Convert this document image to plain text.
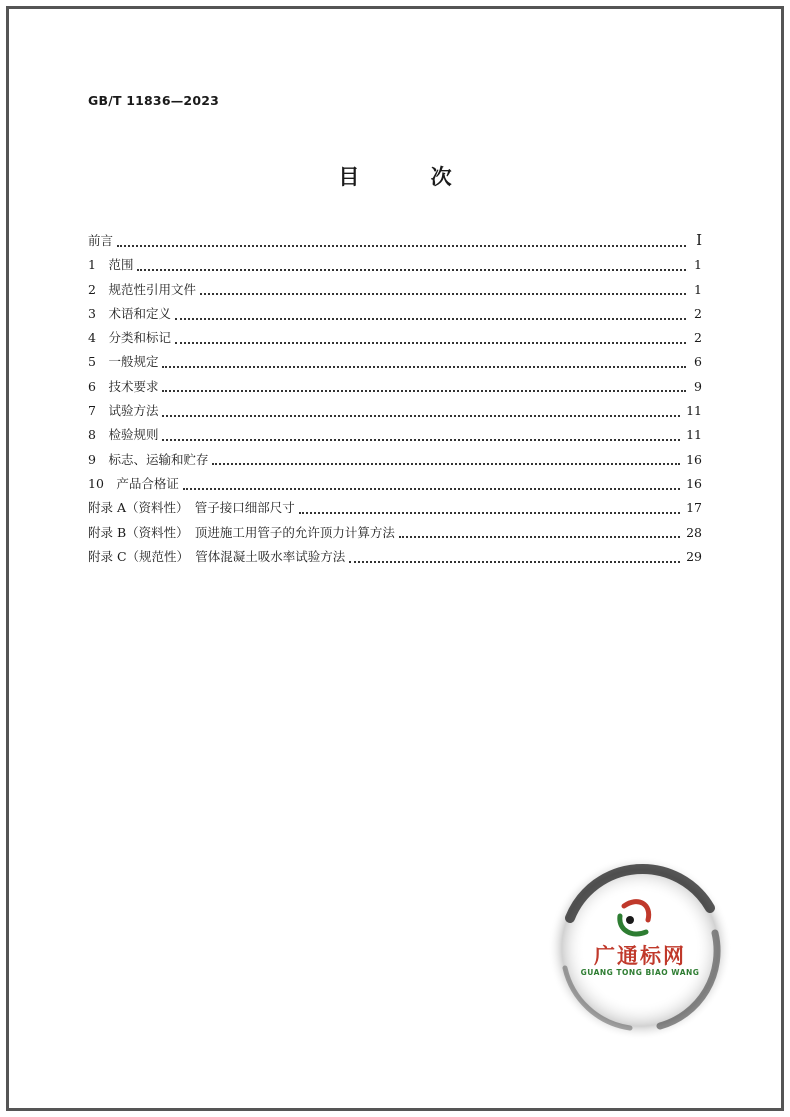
GB/T 11836—2023
目 次
前言	Ⅰ
1　范围	1
2　规范性引用文件	1
3　术语和定义	2
4　分类和标记	2
5　一般规定	6
6　技术要求	9
7　试验方法	11
8　检验规则	11
9　标志、运输和贮存	16
10　产品合格证	16
附录 A（资料性）　管子接口细部尺寸	17
附录 B（资料性）　顶进施工用管子的允许顶力计算方法	28
附录 C（规范性）　管体混凝土吸水率试验方法	29
广通标网
GUANG TONG BIAO WANG
